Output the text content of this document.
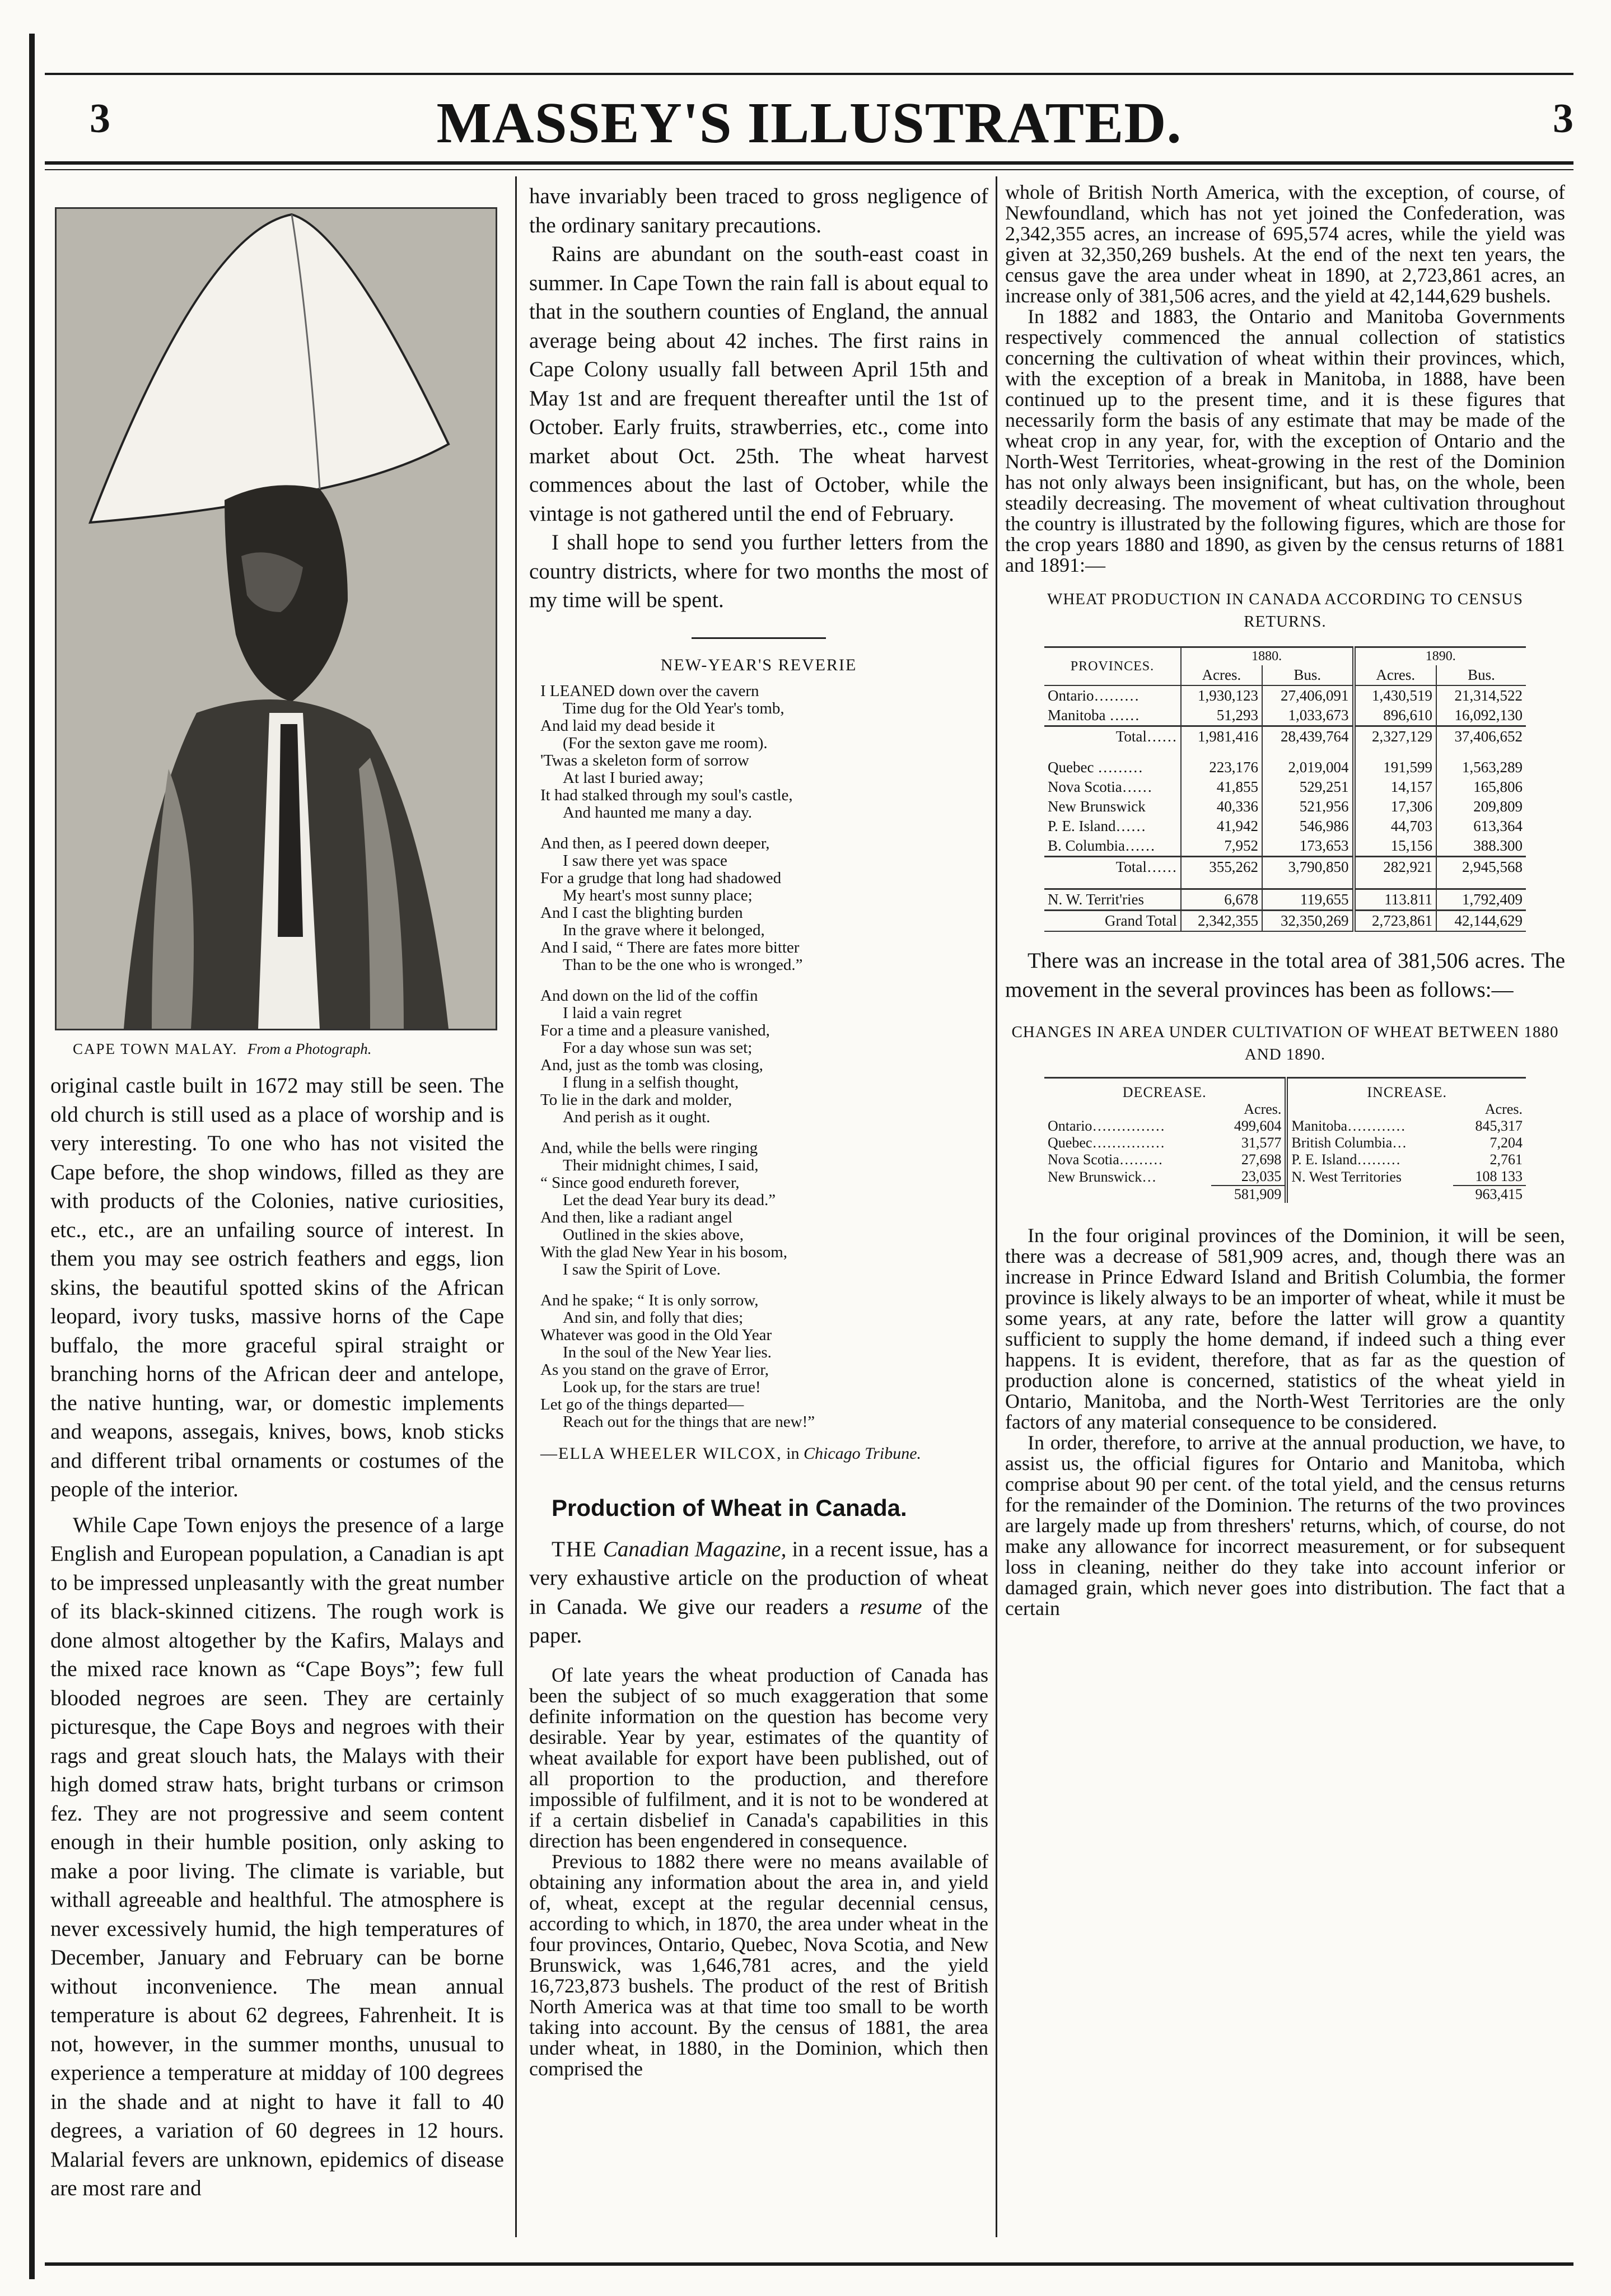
3	MASSEY'S ILLUSTRATED.	3
CAPE TOWN MALAY. From a Photograph.

original castle built in 1672 may still be seen. The old church is still used as a place of worship and is very interesting. To one who has not visited the Cape before, the shop windows, filled as they are with products of the Colonies, native curiosities, etc., etc., are an unfailing source of interest. In them you may see ostrich feathers and eggs, lion skins, the beautiful spotted skins of the African leopard, ivory tusks, massive horns of the Cape buffalo, the more graceful spiral straight or branching horns of the African deer and antelope, the native hunting, war, or domestic implements and weapons, assegais, knives, bows, knob sticks and different tribal ornaments or costumes of the people of the interior.

While Cape Town enjoys the presence of a large English and European population, a Canadian is apt to be impressed unpleasantly with the great number of its black-skinned citizens. The rough work is done almost altogether by the Kafirs, Malays and the mixed race known as “Cape Boys”; few full blooded negroes are seen. They are certainly picturesque, the Cape Boys and negroes with their rags and great slouch hats, the Malays with their high domed straw hats, bright turbans or crimson fez. They are not progressive and seem content enough in their humble position, only asking to make a poor living. The climate is variable, but withall agreeable and healthful. The atmosphere is never excessively humid, the high temperatures of December, January and February can be borne without inconvenience. The mean annual temperature is about 62 degrees, Fahrenheit. It is not, however, in the summer months, unusual to experience a temperature at midday of 100 degrees in the shade and at night to have it fall to 40 degrees, a variation of 60 degrees in 12 hours. Malarial fevers are unknown, epidemics of disease are most rare and

have invariably been traced to gross negligence of the ordinary sanitary precautions.

Rains are abundant on the south-east coast in summer. In Cape Town the rain fall is about equal to that in the southern counties of England, the annual average being about 42 inches. The first rains in Cape Colony usually fall between April 15th and May 1st and are frequent thereafter until the 1st of October. Early fruits, strawberries, etc., come into market about Oct. 25th. The wheat harvest commences about the last of October, while the vintage is not gathered until the end of February.

I shall hope to send you further letters from the country districts, where for two months the most of my time will be spent.

NEW-YEAR'S REVERIE
I LEANED down over the cavern
Time dug for the Old Year's tomb,
And laid my dead beside it
(For the sexton gave me room).
'Twas a skeleton form of sorrow
At last I buried away;
It had stalked through my soul's castle,
And haunted me many a day.
And then, as I peered down deeper,
I saw there yet was space
For a grudge that long had shadowed
My heart's most sunny place;
And I cast the blighting burden
In the grave where it belonged,
And I said, “ There are fates more bitter
Than to be the one who is wronged.”
And down on the lid of the coffin
I laid a vain regret
For a time and a pleasure vanished,
For a day whose sun was set;
And, just as the tomb was closing,
I flung in a selfish thought,
To lie in the dark and molder,
And perish as it ought.
And, while the bells were ringing
Their midnight chimes, I said,
“ Since good endureth forever,
Let the dead Year bury its dead.”
And then, like a radiant angel
Outlined in the skies above,
With the glad New Year in his bosom,
I saw the Spirit of Love.
And he spake; “ It is only sorrow,
And sin, and folly that dies;
Whatever was good in the Old Year
In the soul of the New Year lies.
As you stand on the grave of Error,
Look up, for the stars are true!
Let go of the things departed—
Reach out for the things that are new!”
—ELLA WHEELER WILCOX, in Chicago Tribune.
Production of Wheat in Canada.

THE Canadian Magazine, in a recent issue, has a very exhaustive article on the production of wheat in Canada. We give our readers a resume of the paper.

Of late years the wheat production of Canada has been the subject of so much exaggeration that some definite information on the question has become very desirable. Year by year, estimates of the quantity of wheat available for export have been published, out of all proportion to the production, and therefore impossible of fulfilment, and it is not to be wondered at if a certain disbelief in Canada's capabilities in this direction has been engendered in consequence.

Previous to 1882 there were no means available of obtaining any information about the area in, and yield of, wheat, except at the regular decennial census, according to which, in 1870, the area under wheat in the four provinces, Ontario, Quebec, Nova Scotia, and New Brunswick, was 1,646,781 acres, and the yield 16,723,873 bushels. The product of the rest of British North America was at that time too small to be worth taking into account. By the census of 1881, the area under wheat, in 1880, in the Dominion, which then comprised the

whole of British North America, with the exception, of course, of Newfoundland, which has not yet joined the Confederation, was 2,342,355 acres, an increase of 695,574 acres, while the yield was given at 32,350,269 bushels. At the end of the next ten years, the census gave the area under wheat in 1890, at 2,723,861 acres, an increase only of 381,506 acres, and the yield at 42,144,629 bushels.

In 1882 and 1883, the Ontario and Manitoba Governments respectively commenced the annual collection of statistics concerning the cultivation of wheat within their provinces, which, with the exception of a break in Manitoba, in 1888, have been continued up to the present time, and it is these figures that necessarily form the basis of any estimate that may be made of the wheat crop in any year, for, with the exception of Ontario and the North-West Territories, wheat-growing in the rest of the Dominion has not only always been insignificant, but has, on the whole, been steadily decreasing. The movement of wheat cultivation throughout the country is illustrated by the following figures, which are those for the crop years 1880 and 1890, as given by the census returns of 1881 and 1891:—

WHEAT PRODUCTION IN CANADA ACCORDING TO CENSUS RETURNS.
PROVINCES.	1880.		1890.	
	Acres.	Bus.	Acres.	Bus.
Ontario………	1,930,123	27,406,091	1,430,519	21,314,522
Manitoba ……	51,293	1,033,673	896,610	16,092,130
Total……	1,981,416	28,439,764	2,327,129	37,406,652

Quebec ………	223,176	2,019,004	191,599	1,563,289
Nova Scotia……	41,855	529,251	14,157	165,806
New Brunswick	40,336	521,956	17,306	209,809
P. E. Island……	41,942	546,986	44,703	613,364
B. Columbia……	7,952	173,653	15,156	388.300
Total……	355,262	3,790,850	282,921	2,945,568

N. W. Territ'ries	6,678	119,655	113.811	1,792,409
Grand Total	2,342,355	32,350,269	2,723,861	42,144,629

There was an increase in the total area of 381,506 acres. The movement in the several provinces has been as follows:—

CHANGES IN AREA UNDER CULTIVATION OF WHEAT BETWEEN 1880 AND 1890.
DECREASE.		INCREASE.	
	Acres.		Acres.
Ontario……………	499,604	Manitoba…………	845,317
Quebec……………	31,577	British Columbia…	7,204
Nova Scotia………	27,698	P. E. Island………	2,761
New Brunswick…	23,035	N. West Territories	108 133
	581,909		963,415

In the four original provinces of the Dominion, it will be seen, there was a decrease of 581,909 acres, and, though there was an increase in Prince Edward Island and British Columbia, the former province is likely always to be an importer of wheat, while it must be some years, at any rate, before the latter will grow a quantity sufficient to supply the home demand, if indeed such a thing ever happens. It is evident, therefore, that as far as the question of production alone is concerned, statistics of the wheat yield in Ontario, Manitoba, and the North-West Territories are the only factors of any material consequence to be considered.

In order, therefore, to arrive at the annual production, we have, to assist us, the official figures for Ontario and Manitoba, which comprise about 90 per cent. of the total yield, and the census returns for the remainder of the Dominion. The returns of the two provinces are largely made up from threshers' returns, which, of course, do not make any allowance for incorrect measurement, or for subsequent loss in cleaning, neither do they take into account inferior or damaged grain, which never goes into distribution. The fact that a certain
